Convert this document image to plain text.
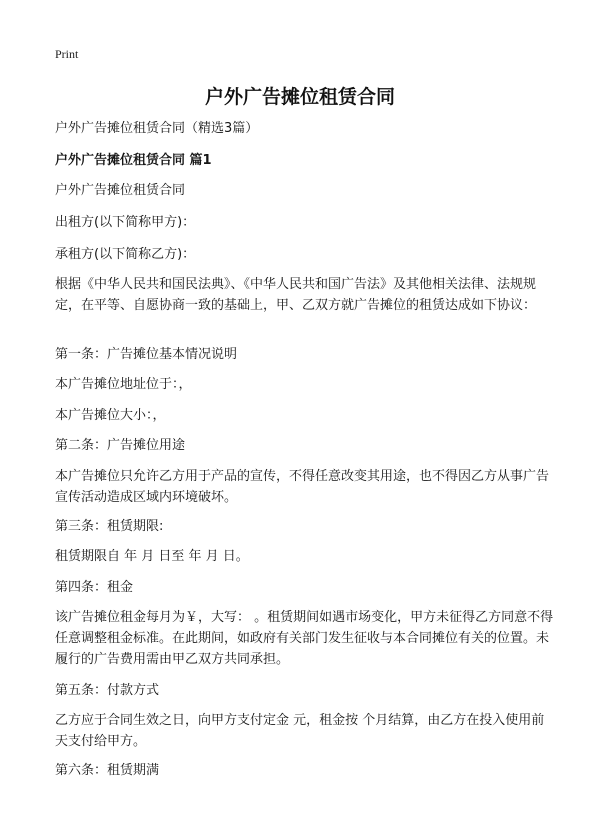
Print
户外广告摊位租赁合同
户外广告摊位租赁合同（精选3篇）
户外广告摊位租赁合同 篇1
户外广告摊位租赁合同
出租方(以下简称甲方)：
承租方(以下简称乙方)：
根据《中华人民共和国民法典》、《中华人民共和国广告法》及其他相关法律、法规规定，在平等、自愿协商一致的基础上，甲、乙双方就广告摊位的租赁达成如下协议：
第一条：广告摊位基本情况说明
本广告摊位地址位于：，
本广告摊位大小：，
第二条：广告摊位用途
本广告摊位只允许乙方用于产品的宣传，不得任意改变其用途，也不得因乙方从事广告宣传活动造成区域内环境破坏。
第三条：租赁期限:
租赁期限自 年 月 日至 年 月 日。
第四条：租金
该广告摊位租金每月为￥，大写： 。租赁期间如遇市场变化，甲方未征得乙方同意不得任意调整租金标准。在此期间，如政府有关部门发生征收与本合同摊位有关的位置。未履行的广告费用需由甲乙双方共同承担。
第五条：付款方式
乙方应于合同生效之日，向甲方支付定金 元，租金按 个月结算，由乙方在投入使用前 天支付给甲方。
第六条：租赁期满
